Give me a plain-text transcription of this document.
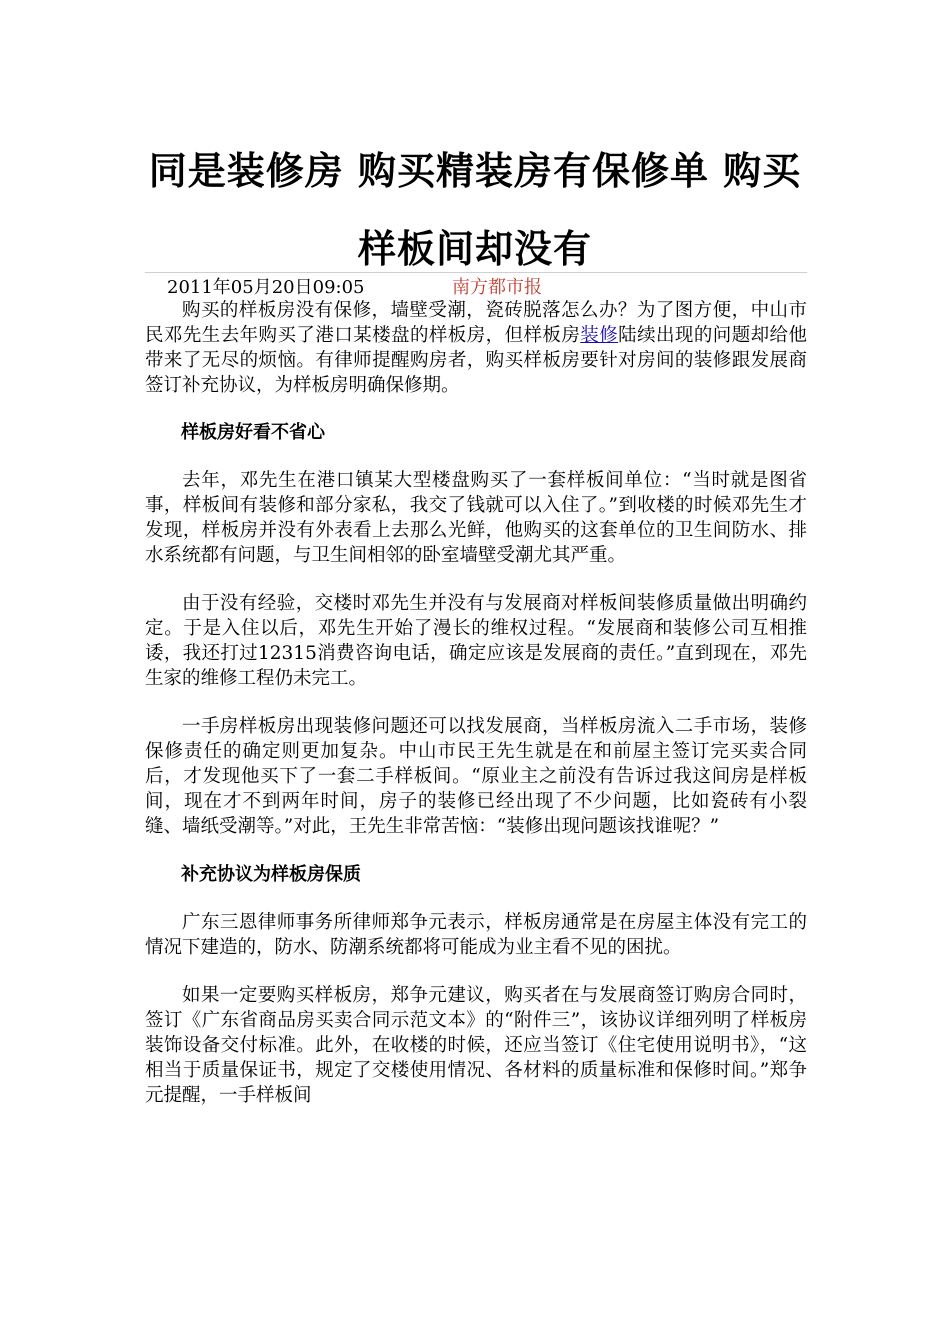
同是装修房 购买精装房有保修单 购买
样板间却没有
2011年05月20日09:05	南方都市报

购买的样板房没有保修，墙壁受潮，瓷砖脱落怎么办？为了图方便，中山市民邓先生去年购买了港口某楼盘的样板房，但样板房装修陆续出现的问题却给他带来了无尽的烦恼。有律师提醒购房者，购买样板房要针对房间的装修跟发展商签订补充协议，为样板房明确保修期。

样板房好看不省心

去年，邓先生在港口镇某大型楼盘购买了一套样板间单位：“当时就是图省事，样板间有装修和部分家私，我交了钱就可以入住了。”到收楼的时候邓先生才发现，样板房并没有外表看上去那么光鲜，他购买的这套单位的卫生间防水、排水系统都有问题，与卫生间相邻的卧室墙壁受潮尤其严重。

由于没有经验，交楼时邓先生并没有与发展商对样板间装修质量做出明确约定。于是入住以后，邓先生开始了漫长的维权过程。“发展商和装修公司互相推诿，我还打过12315消费咨询电话，确定应该是发展商的责任。”直到现在，邓先生家的维修工程仍未完工。

一手房样板房出现装修问题还可以找发展商，当样板房流入二手市场，装修保修责任的确定则更加复杂。中山市民王先生就是在和前屋主签订完买卖合同后，才发现他买下了一套二手样板间。“原业主之前没有告诉过我这间房是样板间，现在才不到两年时间，房子的装修已经出现了不少问题，比如瓷砖有小裂缝、墙纸受潮等。”对此，王先生非常苦恼：“装修出现问题该找谁呢？”

补充协议为样板房保质

广东三恩律师事务所律师郑争元表示，样板房通常是在房屋主体没有完工的情况下建造的，防水、防潮系统都将可能成为业主看不见的困扰。

如果一定要购买样板房，郑争元建议，购买者在与发展商签订购房合同时，签订《广东省商品房买卖合同示范文本》的“附件三”，该协议详细列明了样板房装饰设备交付标准。此外，在收楼的时候，还应当签订《住宅使用说明书》，“这相当于质量保证书，规定了交楼使用情况、各材料的质量标准和保修时间。”郑争元提醒，一手样板间
